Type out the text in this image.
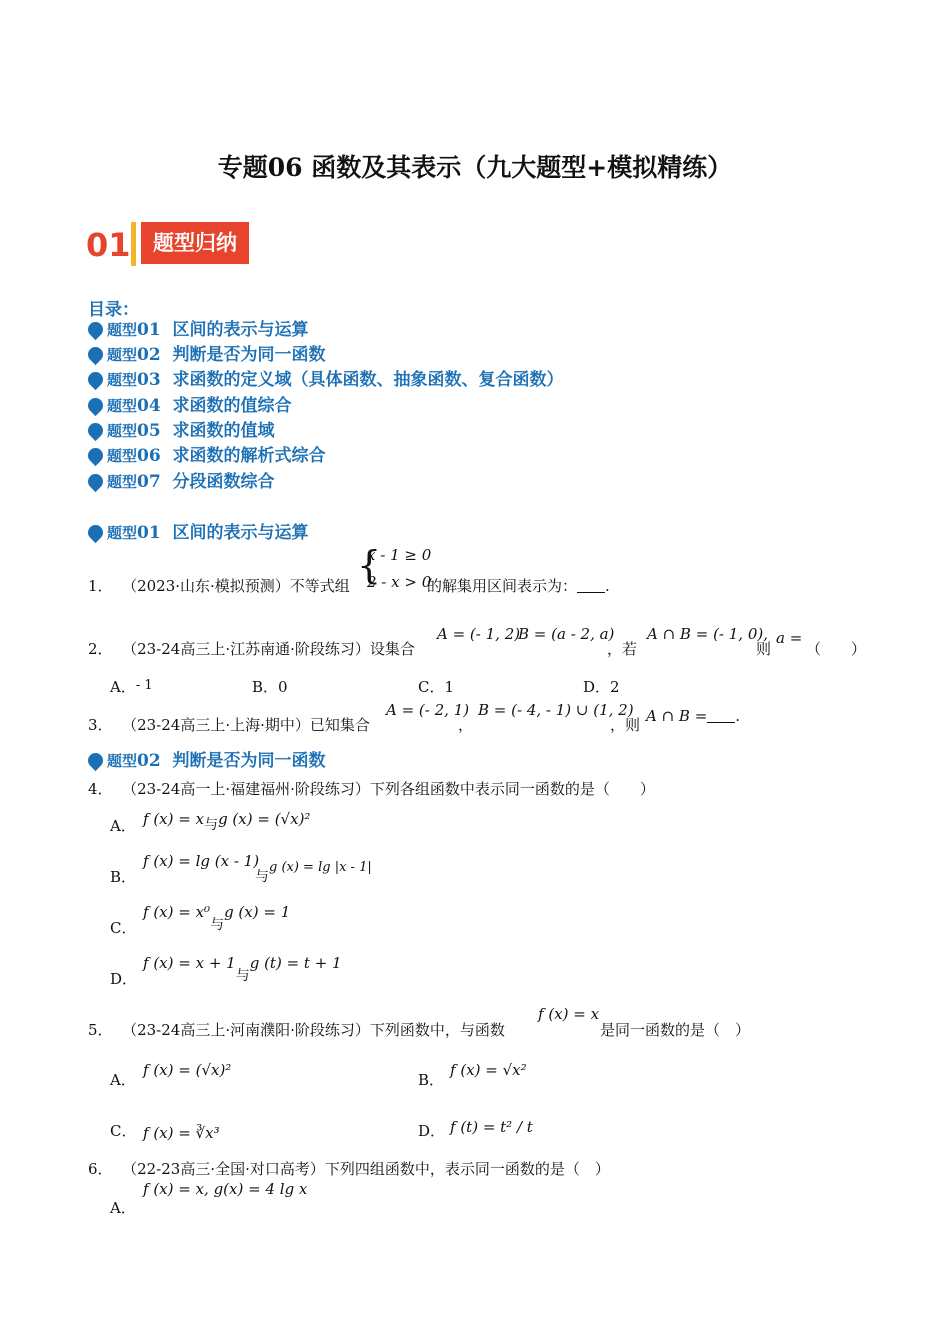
专题06 函数及其表示（九大题型+模拟精练）
01	题型归纳
目录：
题型01 区间的表示与运算
题型02 判断是否为同一函数
题型03 求函数的定义域（具体函数、抽象函数、复合函数）
题型04 求函数的值综合
题型05 求函数的值域
题型06 求函数的解析式综合
题型07 分段函数综合
题型01 区间的表示与运算
1． （2023·山东·模拟预测）不等式组 {
x - 1 ≥ 0
2 - x > 0
的解集用区间表示为： .
2． （23-24高三上·江苏南通·阶段练习）设集合
A = (- 1, 2)
B = (a - 2, a)
，若
A ∩ B = (- 1, 0),
则
a =
（　　）
A．- 1	B．0	C．1	D．2
3． （23-24高三上·上海·期中）已知集合
A = (- 2, 1)
，
B = (- 4, - 1) ∪ (1, 2)
，则 A ∩ B = .
题型02 判断是否为同一函数
4． （23-24高一上·福建福州·阶段练习）下列各组函数中表示同一函数的是（　　）
A． f (x) = x与g (x) = (√x)²
B．
f (x) = lg (x - 1)
与g (x) = lg |x - 1|
C．
f (x) = x⁰与g (x) = 1
D．
f (x) = x + 1与g (t) = t + 1
5． （23-24高三上·河南濮阳·阶段练习）下列函数中，与函数
f (x) = x
是同一函数的是（　）
A．
f (x) = (√x)²
B．
f (x) = √x²
C． f (x) = ∛x³	D． f (t) = t² / t
6． （22-23高三·全国·对口高考）下列四组函数中，表示同一函数的是（　）
f (x) = x, g(x) = 4 lg x
A．
